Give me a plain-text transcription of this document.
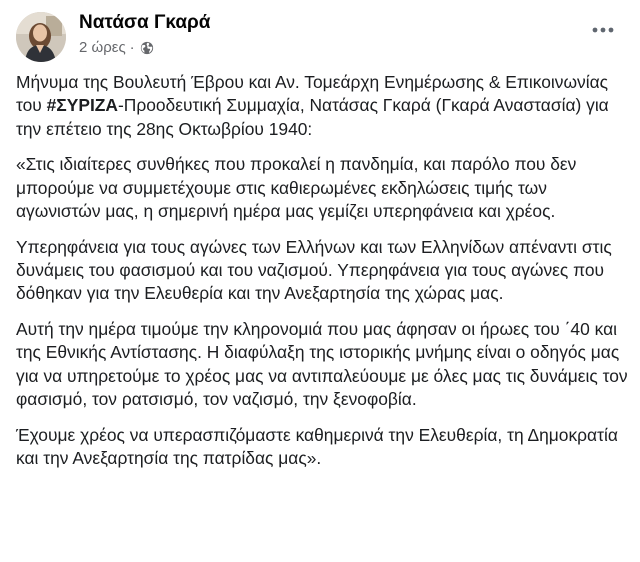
Νατάσα Γκαρά
2 ώρες ·

Μήνυμα της Βουλευτή Έβρου και Αν. Τομεάρχη Ενημέρωσης & Επικοινωνίας του #ΣΥΡΙΖΑ-Προοδευτική Συμμαχία, Νατάσας Γκαρά (Γκαρά Αναστασία) για την επέτειο της 28ης Οκτωβρίου 1940:

«Στις ιδιαίτερες συνθήκες που προκαλεί η πανδημία, και παρόλο που δεν μπορούμε να συμμετέχουμε στις καθιερωμένες εκδηλώσεις τιμής των αγωνιστών μας, η σημερινή ημέρα μας γεμίζει υπερηφάνεια και χρέος.

Υπερηφάνεια για τους αγώνες των Ελλήνων και των Ελληνίδων απέναντι στις δυνάμεις του φασισμού και του ναζισμού. Υπερηφάνεια για τους αγώνες που δόθηκαν για την Ελευθερία και την Ανεξαρτησία της χώρας μας.

Αυτή την ημέρα τιμούμε την κληρονομιά που μας άφησαν οι ήρωες του ΄40 και της Εθνικής Αντίστασης. Η διαφύλαξη της ιστορικής μνήμης είναι ο οδηγός μας για να υπηρετούμε το χρέος μας να αντιπαλεύουμε με όλες μας τις δυνάμεις τον φασισμό, τον ρατσισμό, τον ναζισμό, την ξενοφοβία.

Έχουμε χρέος να υπερασπιζόμαστε καθημερινά την Ελευθερία, τη Δημοκρατία και την Ανεξαρτησία της πατρίδας μας».
